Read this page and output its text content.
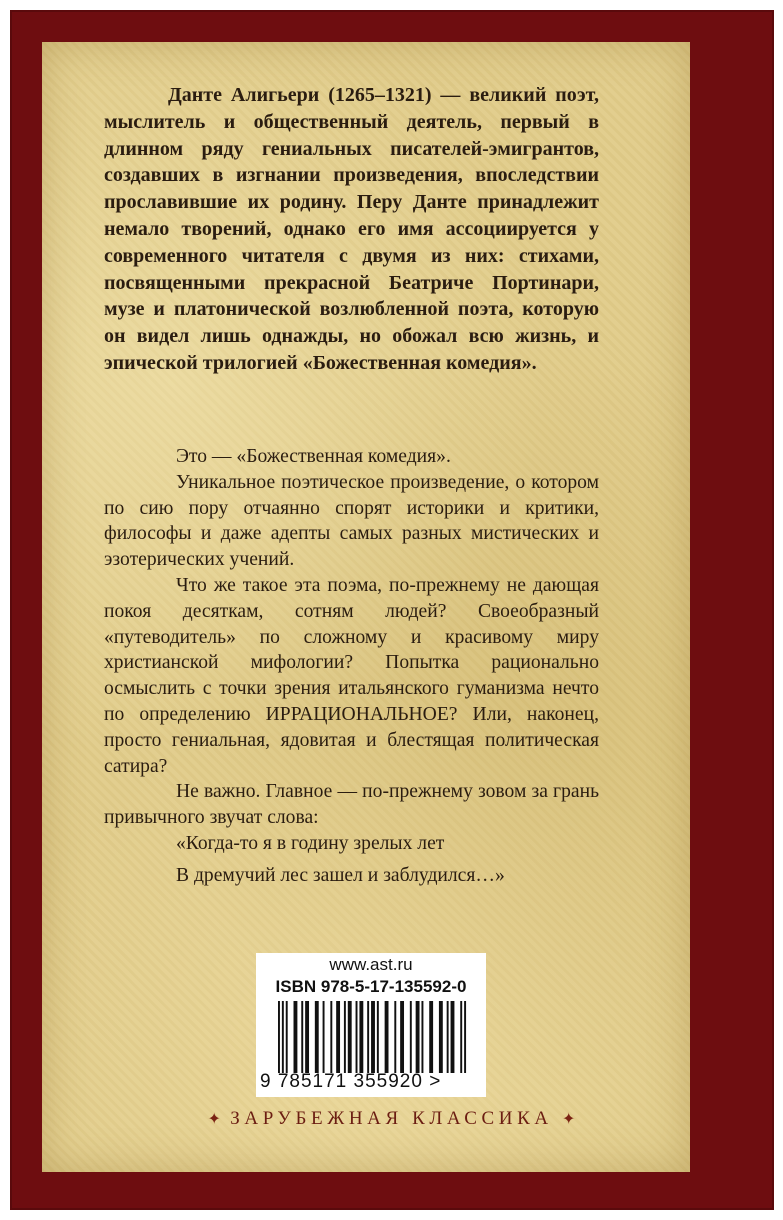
Данте Алигьери (1265–1321) — великий поэт, мыслитель и общественный деятель, первый в длинном ряду гениальных писателей-эмигрантов, создавших в изгнании произведения, впоследствии прославившие их родину. Перу Данте принадлежит немало творений, однако его имя ассоциируется у современного читателя с двумя из них: стихами, посвященными прекрасной Беатриче Портинари, музе и платонической возлюбленной поэта, которую он видел лишь однажды, но обожал всю жизнь, и эпической трилогией «Божественная комедия».

Это — «Божественная комедия».

Уникальное поэтическое произведение, о котором по сию пору отчаянно спорят историки и критики, философы и даже адепты самых разных мистических и эзотерических учений.

Что же такое эта поэма, по-прежнему не дающая покоя десяткам, сотням людей? Своеобразный «путеводитель» по сложному и красивому миру христианской мифологии? Попытка рационально осмыслить с точки зрения итальянского гуманизма нечто по определению ИРРАЦИОНАЛЬНОЕ? Или, наконец, просто гениальная, ядовитая и блестящая политическая сатира?

Не важно. Главное — по-прежнему зовом за грань привычного звучат слова:

«Когда-то я в годину зрелых лет

В дремучий лес зашел и заблудился…»

www.ast.ru
ISBN 978-5-17-135592-0
9 785171 355920 >
✦ ЗАРУБЕЖНАЯ КЛАССИКА ✦
